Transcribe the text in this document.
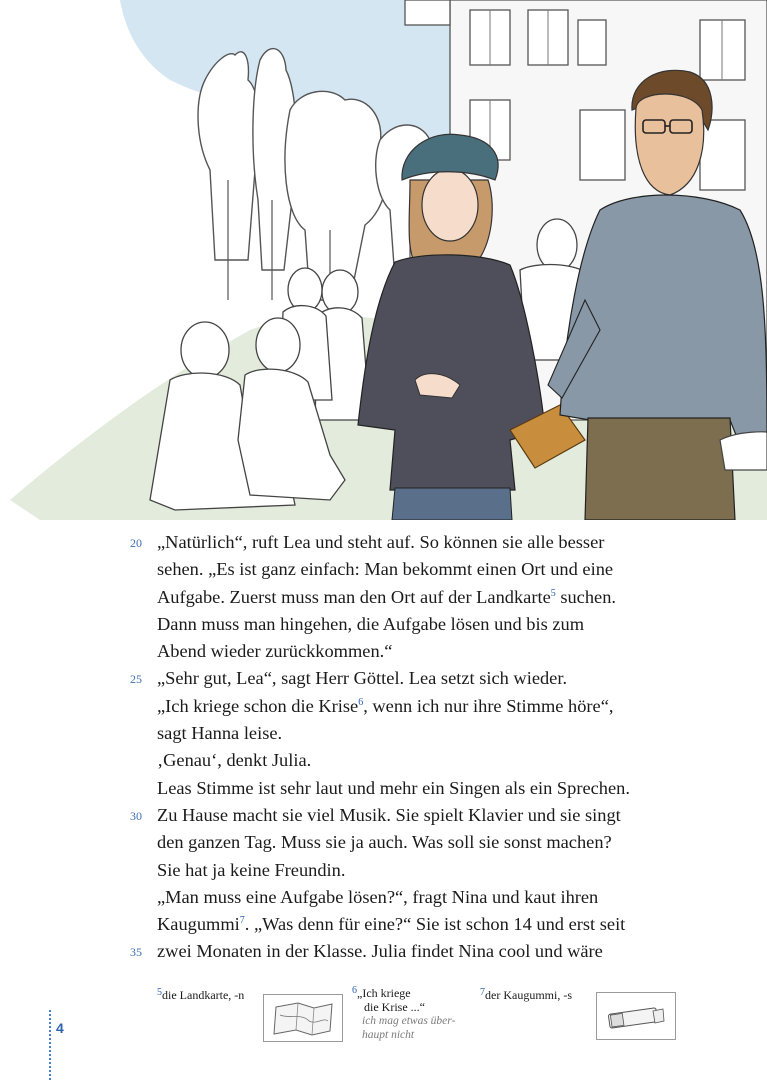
20 „Natürlich“, ruft Lea und steht auf. So können sie alle besser
sehen. „Es ist ganz einfach: Man bekommt einen Ort und eine
Aufgabe. Zuerst muss man den Ort auf der Landkarte$^5$ suchen.
Dann muss man hingehen, die Aufgabe lösen und bis zum
Abend wieder zurückkommen.“
25 „Sehr gut, Lea“, sagt Herr Göttel. Lea setzt sich wieder.
„Ich kriege schon die Krise$^6$, wenn ich nur ihre Stimme höre“,
sagt Hanna leise.
‚Genau‘, denkt Julia.
Leas Stimme ist sehr laut und mehr ein Singen als ein Sprechen.
30 Zu Hause macht sie viel Musik. Sie spielt Klavier und sie singt
den ganzen Tag. Muss sie ja auch. Was soll sie sonst machen?
Sie hat ja keine Freundin.
„Man muss eine Aufgabe lösen?“, fragt Nina und kaut ihren
Kaugummi$^7$. „Was denn für eine?“ Sie ist schon 14 und erst seit
35 zwei Monaten in der Klasse. Julia findet Nina cool und wäre
$^5$die Landkarte, -n	$^6$„Ich kriege
die Krise ...“
ich mag etwas über-
haupt nicht
$^7$der Kaugummi, -s
4
